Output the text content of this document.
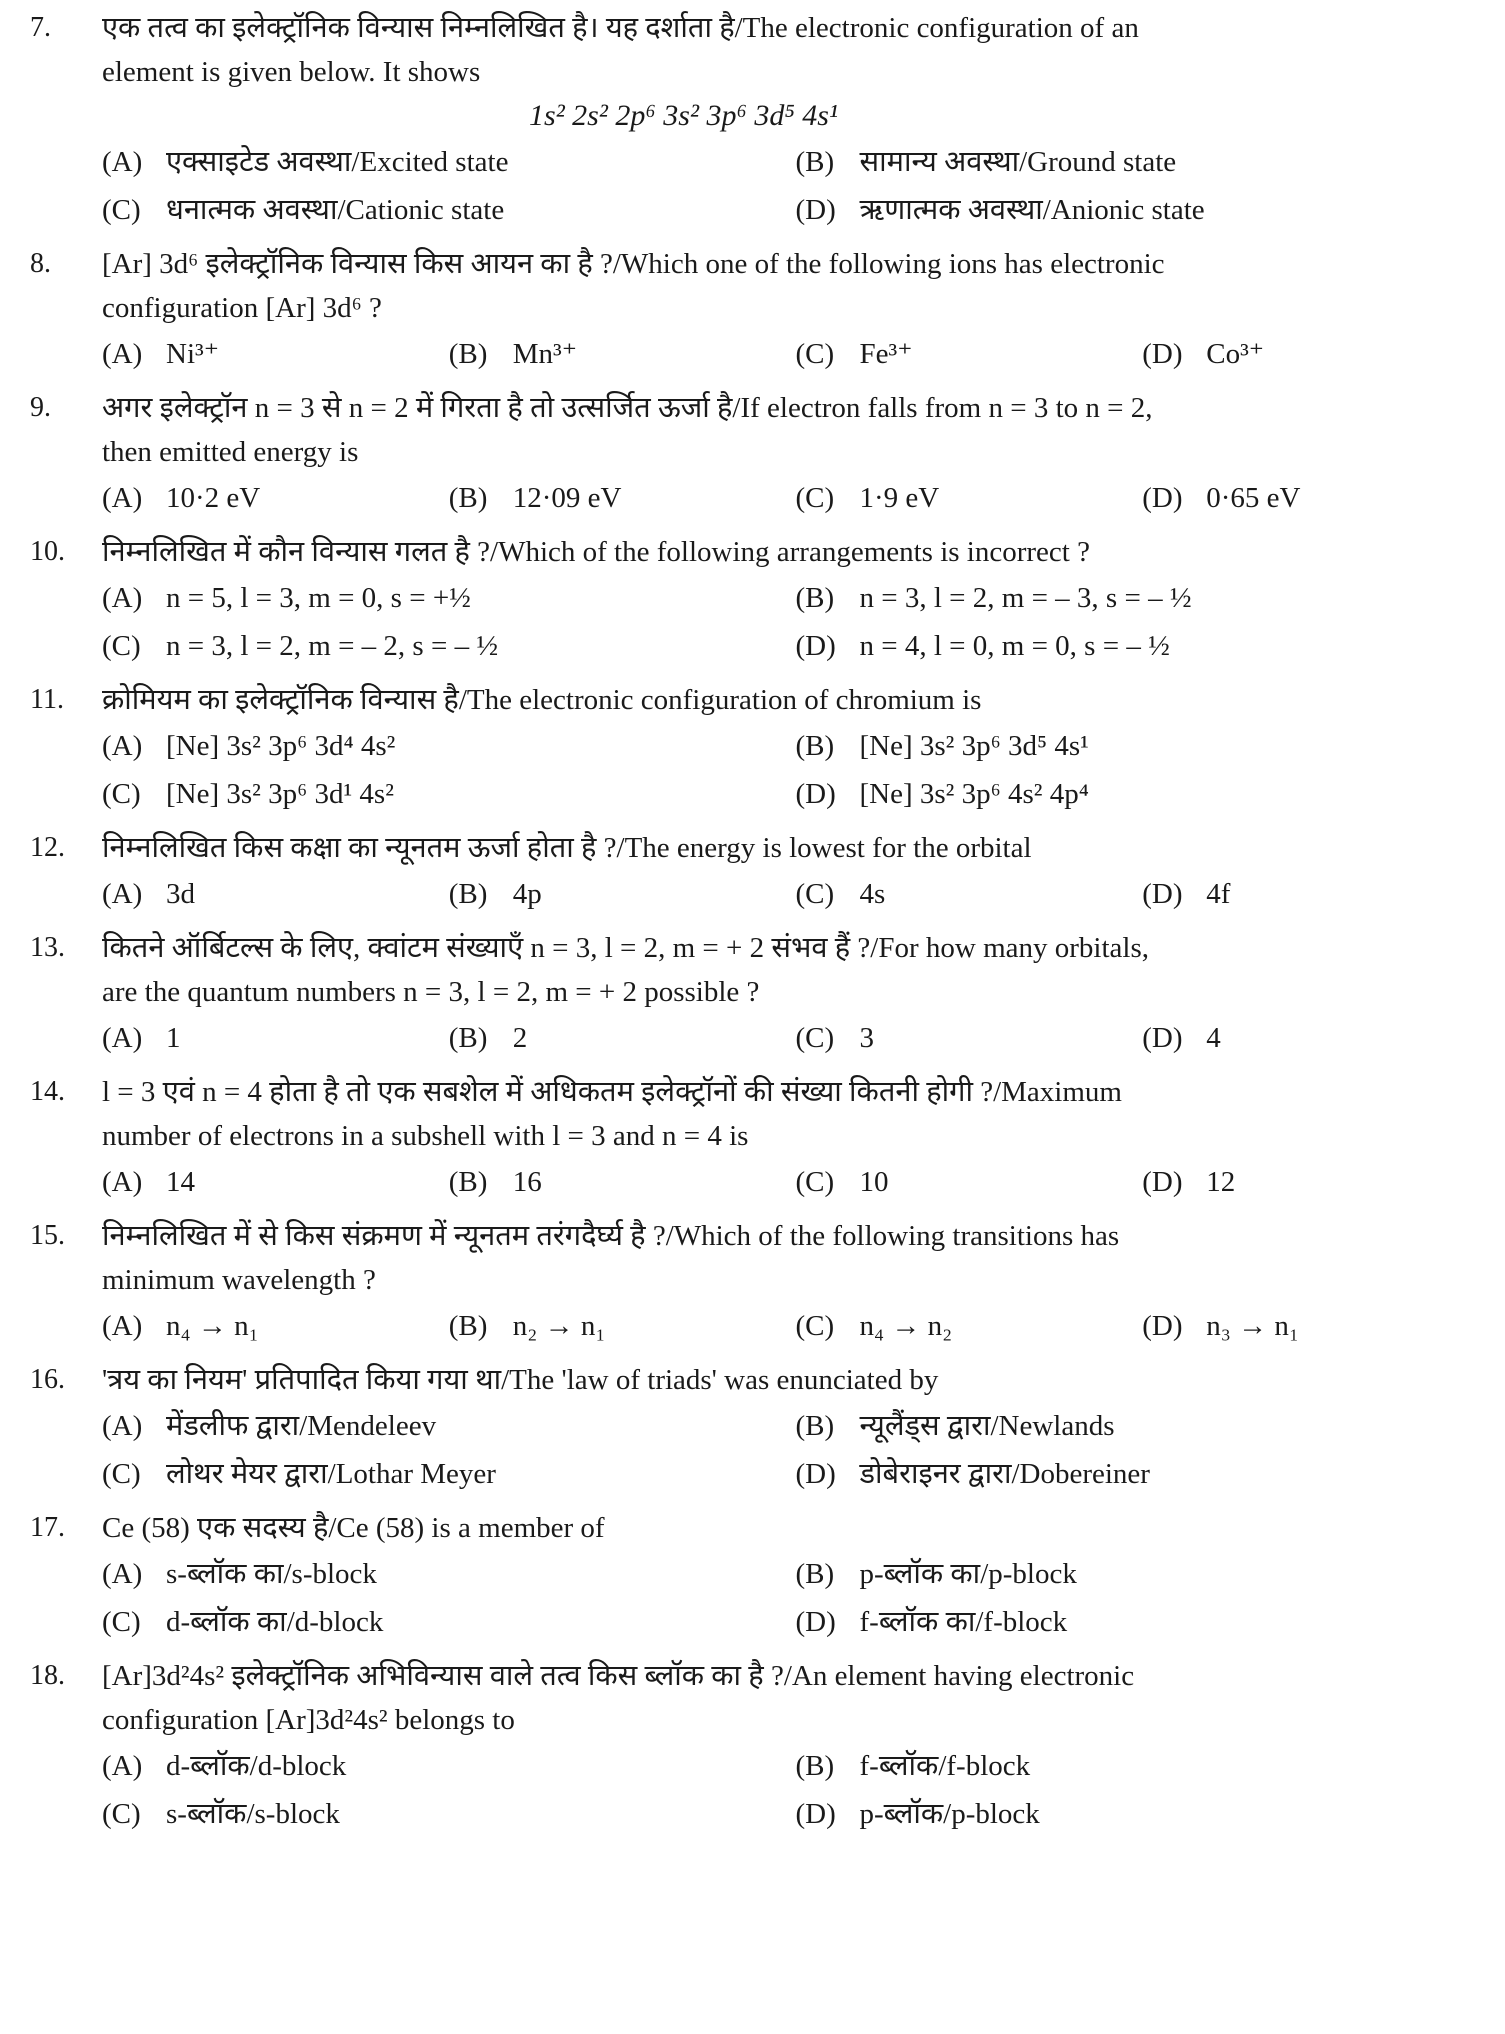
7.	एक तत्व का इलेक्ट्रॉनिक विन्यास निम्नलिखित है। यह दर्शाता है/The electronic configuration of an
element is given below. It shows
1s² 2s² 2p⁶ 3s² 3p⁶ 3d⁵ 4s¹
(A) एक्साइटेड अवस्था/Excited state	(B) सामान्य अवस्था/Ground state
(C) धनात्मक अवस्था/Cationic state	(D) ऋणात्मक अवस्था/Anionic state
8.	[Ar] 3d⁶ इलेक्ट्रॉनिक विन्यास किस आयन का है ?/Which one of the following ions has electronic
configuration [Ar] 3d⁶ ?
(A) Ni³⁺	(B) Mn³⁺	(C) Fe³⁺	(D) Co³⁺
9.	अगर इलेक्ट्रॉन n = 3 से n = 2 में गिरता है तो उत्सर्जित ऊर्जा है/If electron falls from n = 3 to n = 2,
then emitted energy is
(A) 10·2 eV	(B) 12·09 eV	(C) 1·9 eV	(D) 0·65 eV
10.	निम्नलिखित में कौन विन्यास गलत है ?/Which of the following arrangements is incorrect ?
(A) n = 5, l = 3, m = 0, s = +½	(B) n = 3, l = 2, m = – 3, s = – ½
(C) n = 3, l = 2, m = – 2, s = – ½	(D) n = 4, l = 0, m = 0, s = – ½
11.	क्रोमियम का इलेक्ट्रॉनिक विन्यास है/The electronic configuration of chromium is
(A) [Ne] 3s² 3p⁶ 3d⁴ 4s²	(B) [Ne] 3s² 3p⁶ 3d⁵ 4s¹
(C) [Ne] 3s² 3p⁶ 3d¹ 4s²	(D) [Ne] 3s² 3p⁶ 4s² 4p⁴
12.	निम्नलिखित किस कक्षा का न्यूनतम ऊर्जा होता है ?/The energy is lowest for the orbital
(A) 3d	(B) 4p	(C) 4s	(D) 4f
13.	कितने ऑर्बिटल्स के लिए, क्वांटम संख्याएँ n = 3, l = 2, m = + 2 संभव हैं ?/For how many orbitals,
are the quantum numbers n = 3, l = 2, m = + 2 possible ?
(A) 1	(B) 2	(C) 3	(D) 4
14.	l = 3 एवं n = 4 होता है तो एक सबशेल में अधिकतम इलेक्ट्रॉनों की संख्या कितनी होगी ?/Maximum
number of electrons in a subshell with l = 3 and n = 4 is
(A) 14	(B) 16	(C) 10	(D) 12
15.	निम्नलिखित में से किस संक्रमण में न्यूनतम तरंगदैर्घ्य है ?/Which of the following transitions has
minimum wavelength ?
(A) n₄ → n₁	(B) n₂ → n₁	(C) n₄ → n₂	(D) n₃ → n₁
16.	'त्रय का नियम' प्रतिपादित किया गया था/The 'law of triads' was enunciated by
(A) मेंडलीफ द्वारा/Mendeleev	(B) न्यूलैंड्स द्वारा/Newlands
(C) लोथर मेयर द्वारा/Lothar Meyer	(D) डोबेराइनर द्वारा/Dobereiner
17.	Ce (58) एक सदस्य है/Ce (58) is a member of
(A) s-ब्लॉक का/s-block	(B) p-ब्लॉक का/p-block
(C) d-ब्लॉक का/d-block	(D) f-ब्लॉक का/f-block
18.	[Ar]3d²4s² इलेक्ट्रॉनिक अभिविन्यास वाले तत्व किस ब्लॉक का है ?/An element having electronic
configuration [Ar]3d²4s² belongs to
(A) d-ब्लॉक/d-block	(B) f-ब्लॉक/f-block
(C) s-ब्लॉक/s-block	(D) p-ब्लॉक/p-block
